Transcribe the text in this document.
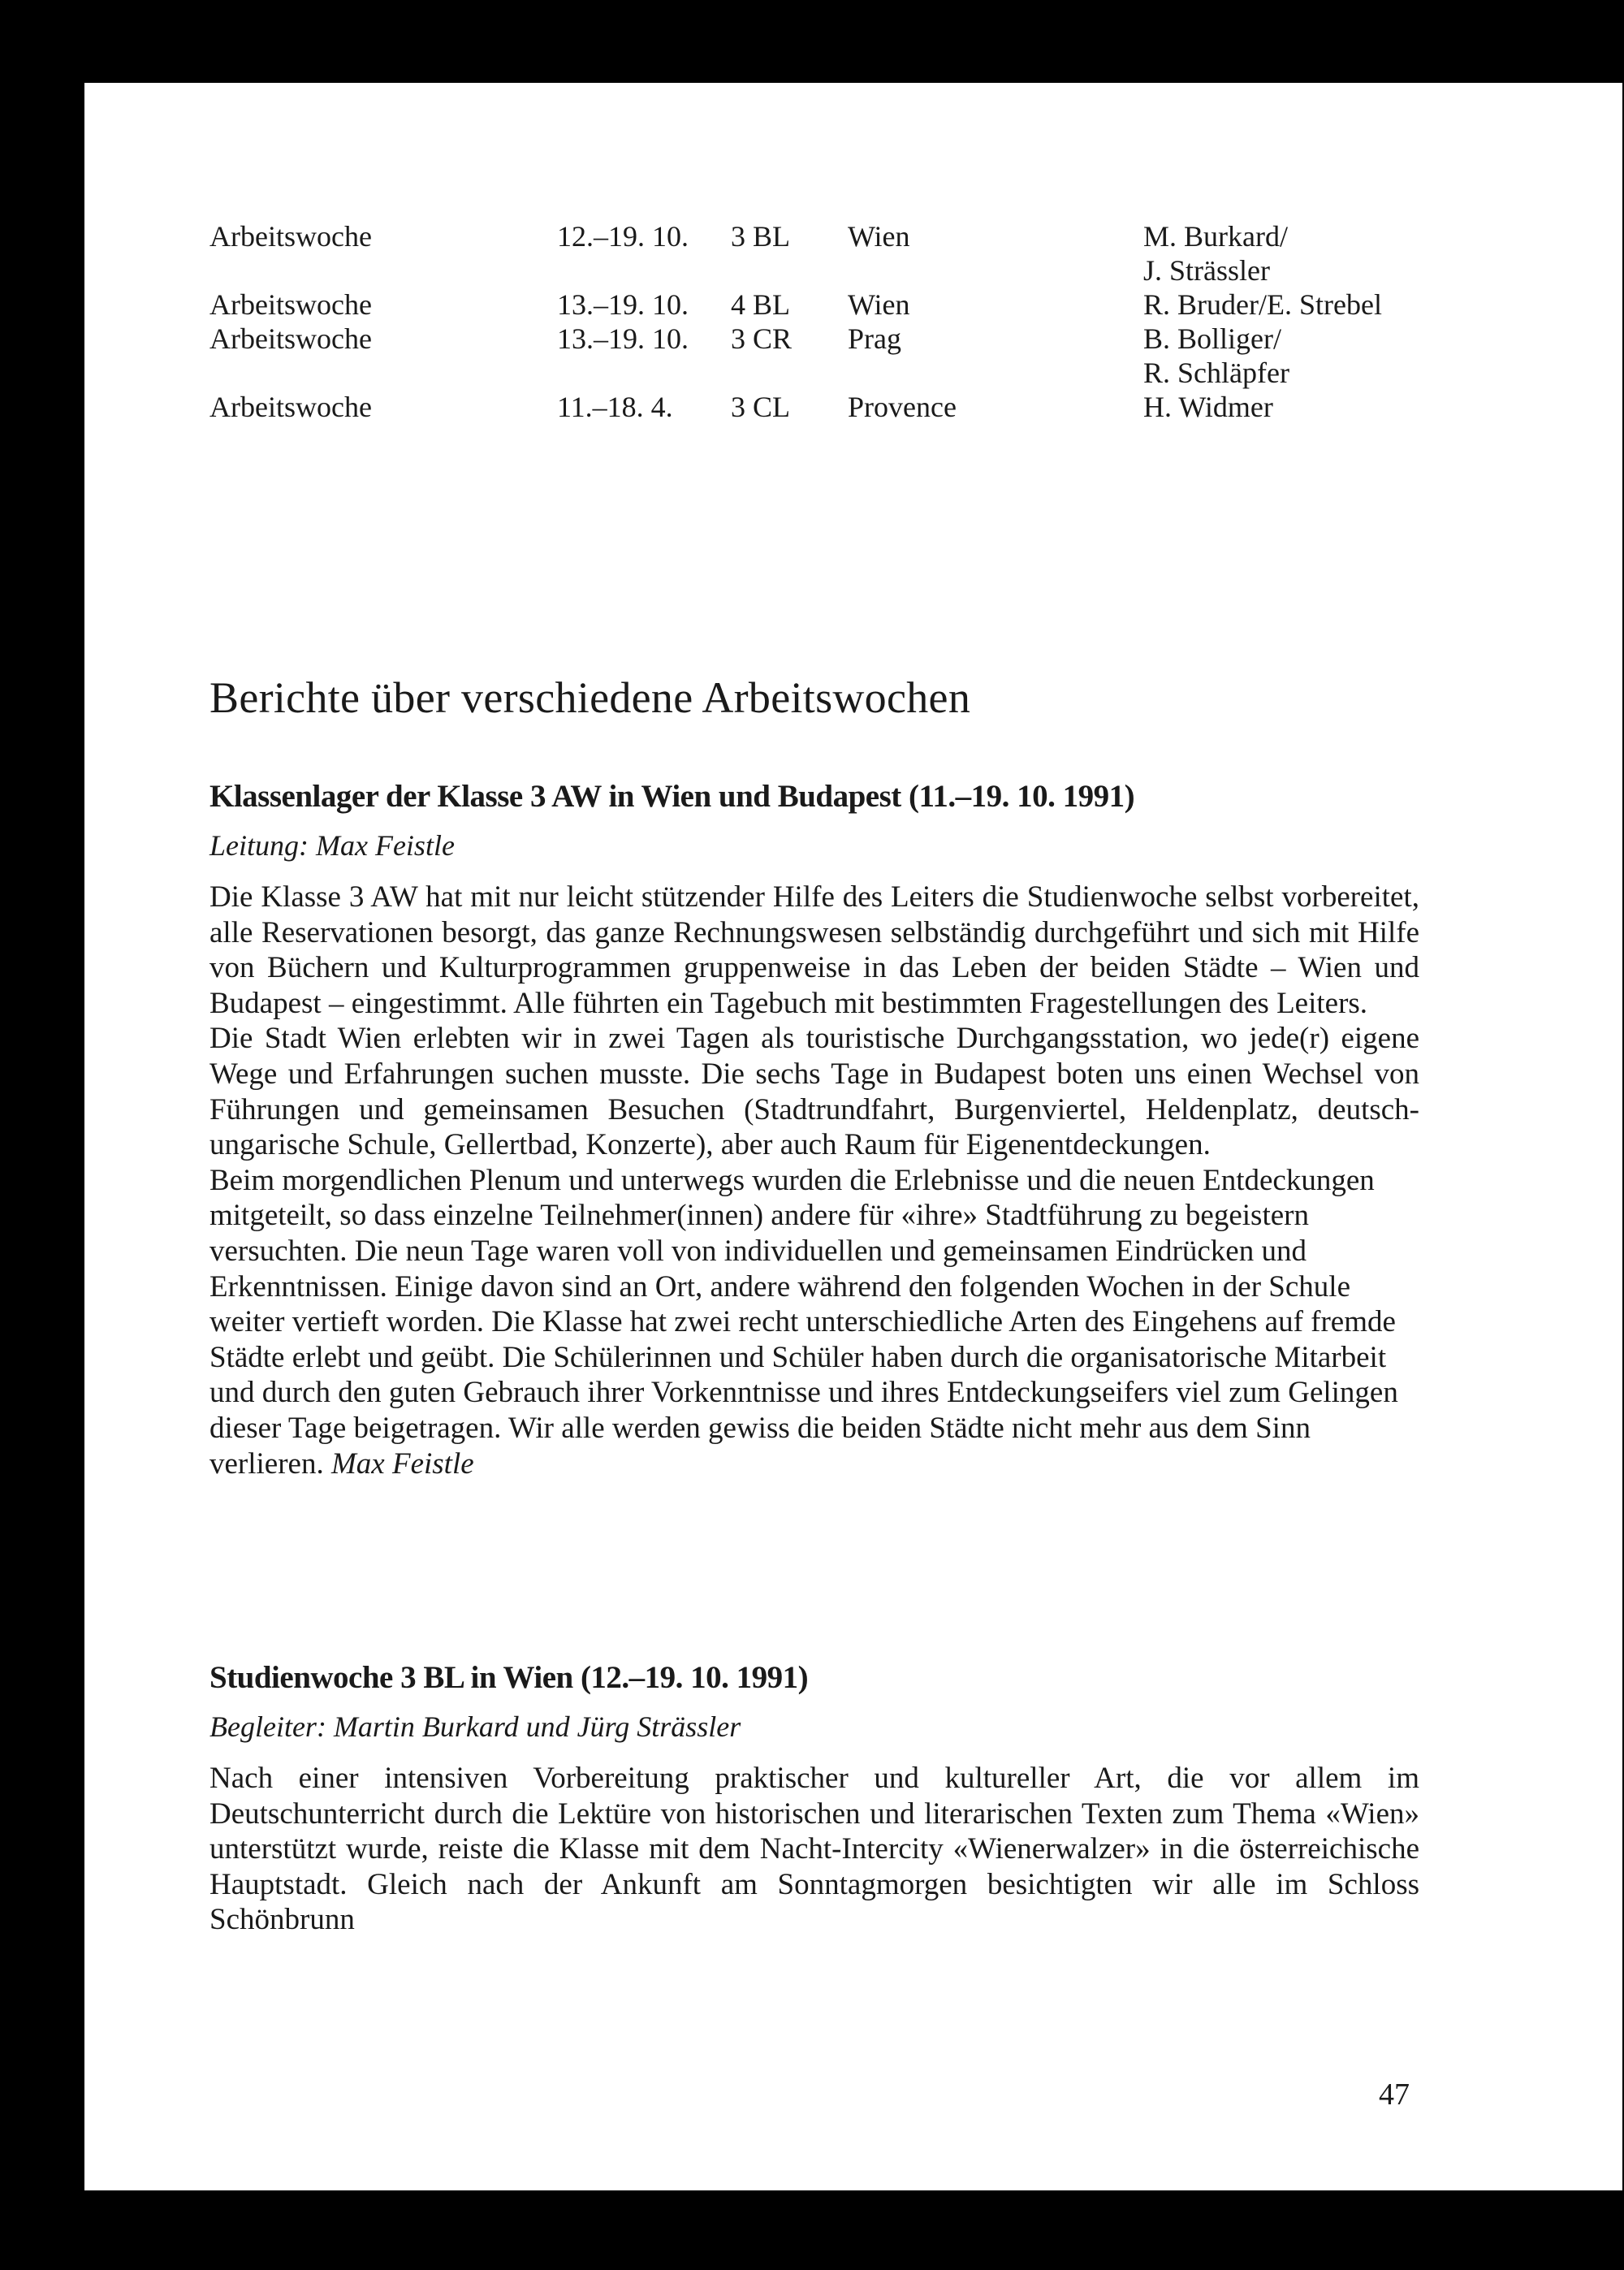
Arbeitswoche	12.–19. 10. 3 BL Wien	M. Burkard/
J. Strässler
Arbeitswoche	13.–19. 10. 4 BL Wien	R. Bruder/E. Strebel
Arbeitswoche	13.–19. 10. 3 CR Prag	B. Bolliger/
R. Schläpfer
Arbeitswoche	11.–18. 4. 3 CL Provence	H. Widmer
Berichte über verschiedene Arbeitswochen
Klassenlager der Klasse 3 AW in Wien und Budapest (11.–19. 10. 1991)
Leitung: Max Feistle

Die Klasse 3 AW hat mit nur leicht stützender Hilfe des Leiters die Studienwoche selbst vorbereitet, alle Reservationen besorgt, das ganze Rechnungswesen selbständig durchgeführt und sich mit Hilfe von Büchern und Kulturprogrammen gruppenweise in das Leben der beiden Städte – Wien und Budapest – eingestimmt. Alle führten ein Tagebuch mit bestimmten Fragestellungen des Leiters.

Die Stadt Wien erlebten wir in zwei Tagen als touristische Durchgangsstation, wo jede(r) eigene Wege und Erfahrungen suchen musste. Die sechs Tage in Budapest boten uns einen Wechsel von Führungen und gemeinsamen Besuchen (Stadtrundfahrt, Burgenviertel, Heldenplatz, deutsch-ungarische Schule, Gellertbad, Konzerte), aber auch Raum für Eigenentdeckungen.

Beim morgendlichen Plenum und unterwegs wurden die Erlebnisse und die neuen Entdeckungen mitgeteilt, so dass einzelne Teilnehmer(innen) andere für «ihre» Stadtführung zu begeistern versuchten. Die neun Tage waren voll von individuellen und gemeinsamen Eindrücken und Erkenntnissen. Einige davon sind an Ort, andere während den folgenden Wochen in der Schule weiter vertieft worden. Die Klasse hat zwei recht unterschiedliche Arten des Eingehens auf fremde Städte erlebt und geübt. Die Schülerinnen und Schüler haben durch die organisatorische Mitarbeit und durch den guten Gebrauch ihrer Vorkenntnisse und ihres Entdeckungseifers viel zum Gelingen dieser Tage beigetragen. Wir alle werden gewiss die beiden Städte nicht mehr aus dem Sinn verlieren. Max Feistle

Studienwoche 3 BL in Wien (12.–19. 10. 1991)
Begleiter: Martin Burkard und Jürg Strässler

Nach einer intensiven Vorbereitung praktischer und kultureller Art, die vor allem im Deutschunterricht durch die Lektüre von historischen und literarischen Texten zum Thema «Wien» unterstützt wurde, reiste die Klasse mit dem Nacht-Intercity «Wienerwalzer» in die österreichische Hauptstadt. Gleich nach der Ankunft am Sonntagmorgen besichtigten wir alle im Schloss Schönbrunn

47
